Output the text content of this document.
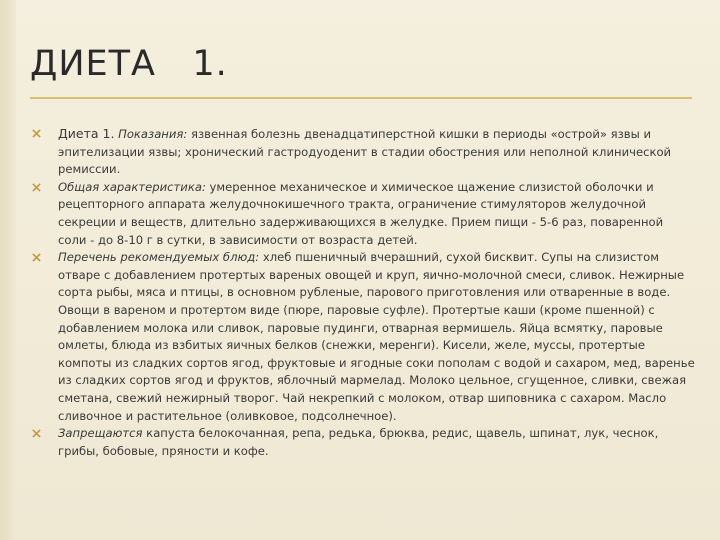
ДИЕТА   1.
Диета 1. Показания: язвенная болезнь двенадцатиперстной кишки в периоды «острой» язвы и эпителизации язвы; хронический гастродуоденит в стадии обострения или неполной клинической ремиссии.
Общая характеристика: умеренное механическое и химическое щажение слизистой оболочки и рецепторного аппарата желудочнокишечного тракта, ограничение стимуляторов желудочной секреции и веществ, длительно задерживающихся в желудке. Прием пищи - 5-6 раз, поваренной соли - до 8-10 г в сутки, в зависимости от возраста детей.
Перечень рекомендуемых блюд: хлеб пшеничный вчерашний, сухой бисквит. Супы на слизистом отваре с добавлением протертых вареных овощей и круп, яично-молочной смеси, сливок. Нежирные сорта рыбы, мяса и птицы, в основном рубленые, парового приготовления или отваренные в воде. Овощи в вареном и протертом виде (пюре, паровые суфле). Протертые каши (кроме пшенной) с добавлением молока или сливок, паровые пудинги, отварная вермишель. Яйца всмятку, паровые омлеты, блюда из взбитых яичных белков (снежки, меренги). Кисели, желе, муссы, протертые компоты из сладких сортов ягод, фруктовые и ягодные соки пополам с водой и сахаром, мед, варенье из сладких сортов ягод и фруктов, яблочный мармелад. Молоко цельное, сгущенное, сливки, свежая сметана, свежий нежирный творог. Чай некрепкий с молоком, отвар шиповника с сахаром. Масло сливочное и растительное (оливковое, подсолнечное).
Запрещаются капуста белокочанная, репа, редька, брюква, редис, щавель, шпинат, лук, чеснок, грибы, бобовые, пряности и кофе.
